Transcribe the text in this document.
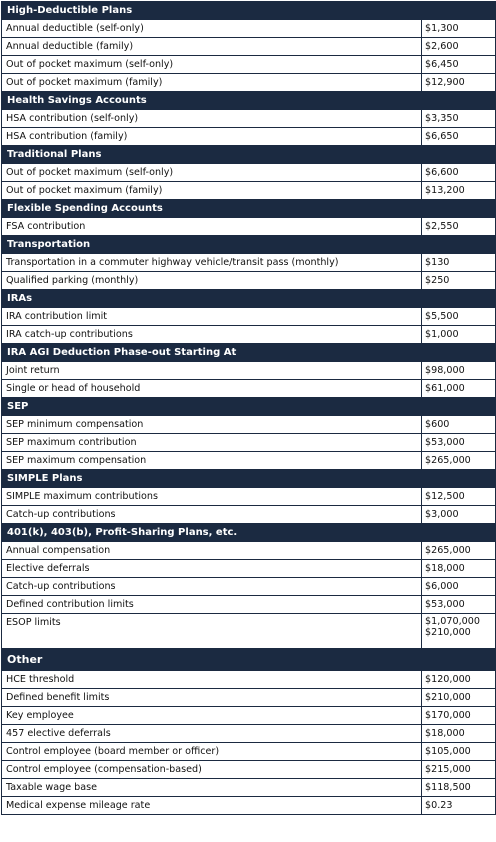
High-Deductible Plans	
Annual deductible (self-only)	$1,300
Annual deductible (family)	$2,600
Out of pocket maximum (self-only)	$6,450
Out of pocket maximum (family)	$12,900
Health Savings Accounts	
HSA contribution (self-only)	$3,350
HSA contribution (family)	$6,650
Traditional Plans	
Out of pocket maximum (self-only)	$6,600
Out of pocket maximum (family)	$13,200
Flexible Spending Accounts	
FSA contribution	$2,550
Transportation	
Transportation in a commuter highway vehicle/transit pass (monthly)	$130
Qualified parking (monthly)	$250
IRAs	
IRA contribution limit	$5,500
IRA catch-up contributions	$1,000
IRA AGI Deduction Phase-out Starting At	
Joint return	$98,000
Single or head of household	$61,000
SEP	
SEP minimum compensation	$600
SEP maximum contribution	$53,000
SEP maximum compensation	$265,000
SIMPLE Plans	
SIMPLE maximum contributions	$12,500
Catch-up contributions	$3,000
401(k), 403(b), Profit-Sharing Plans, etc.	
Annual compensation	$265,000
Elective deferrals	$18,000
Catch-up contributions	$6,000
Defined contribution limits	$53,000
ESOP limits	$1,070,000
$210,000

Other	
HCE threshold	$120,000
Defined benefit limits	$210,000
Key employee	$170,000
457 elective deferrals	$18,000
Control employee (board member or officer)	$105,000
Control employee (compensation-based)	$215,000
Taxable wage base	$118,500
Medical expense mileage rate	$0.23
